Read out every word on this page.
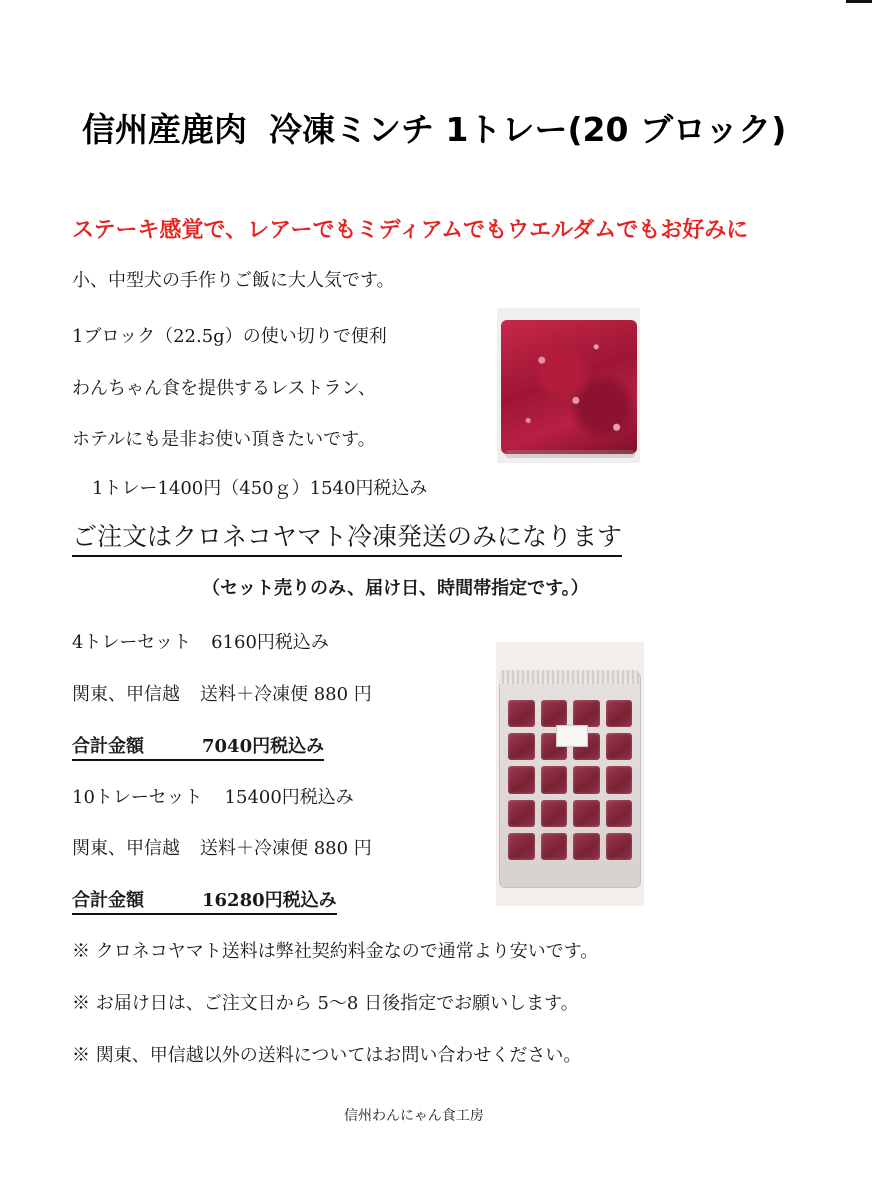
信州産鹿肉 冷凍ミンチ 1トレー(20 ブロック)
ステーキ感覚で、レアーでもミディアムでもウエルダムでもお好みに
小、中型犬の手作りご飯に大人気です。
1ブロック（22.5g）の使い切りで便利
わんちゃん食を提供するレストラン、
ホテルにも是非お使い頂きたいです。
1トレー1400円（450ｇ）1540円税込み
ご注文はクロネコヤマト冷凍発送のみになります
（セット売りのみ、届け日、時間帯指定です。）
4トレーセット 6160円税込み
関東、甲信越 送料＋冷凍便 880 円
合計金額	7040円税込み
10トレーセット 15400円税込み
関東、甲信越 送料＋冷凍便 880 円
合計金額	16280円税込み
※ クロネコヤマト送料は弊社契約料金なので通常より安いです。
※ お届け日は、ご注文日から 5〜8 日後指定でお願いします。
※ 関東、甲信越以外の送料についてはお問い合わせください。
信州わんにゃん食工房
